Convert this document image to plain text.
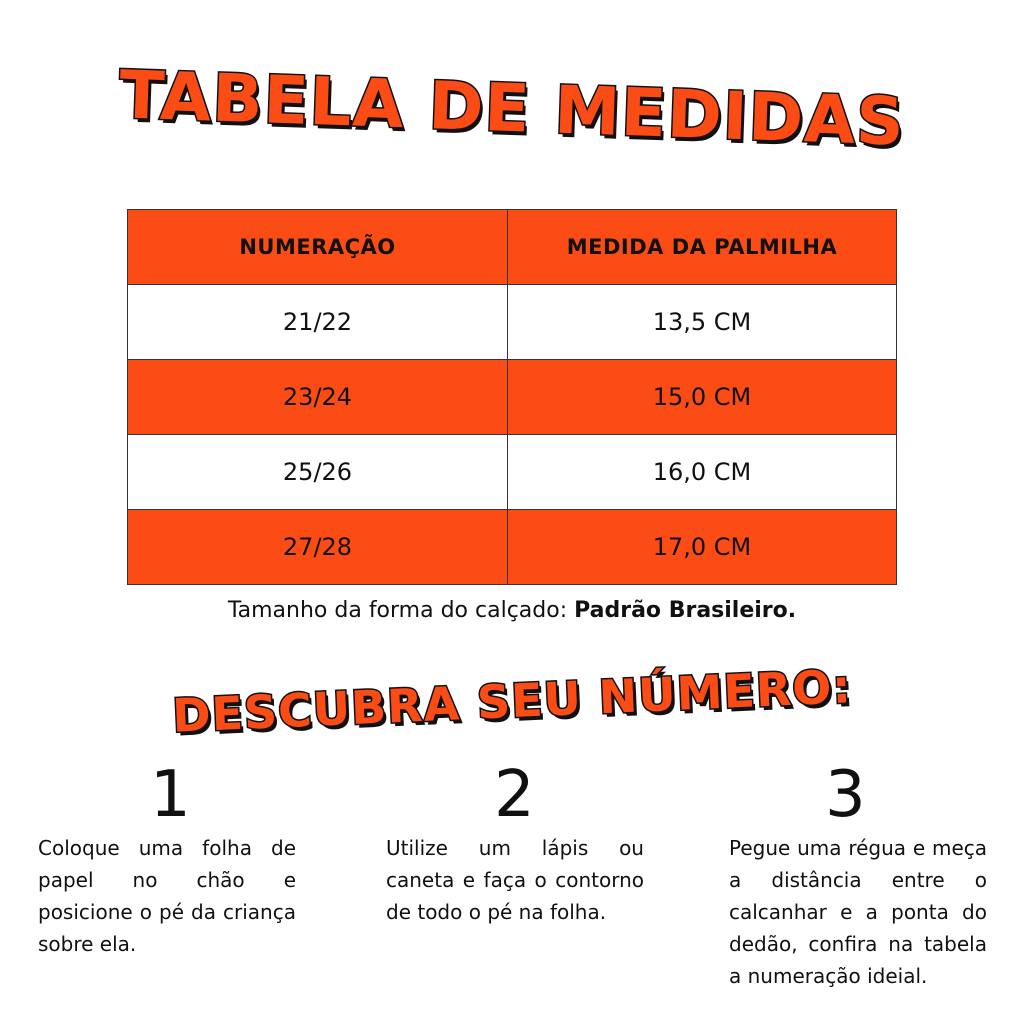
TABELA DE MEDIDAS
NUMERAÇÃO	MEDIDA DA PALMILHA
21/22	13,5 CM
23/24	15,0 CM
25/26	16,0 CM
27/28	17,0 CM
Tamanho da forma do calçado: Padrão Brasileiro.
DESCUBRA SEU NÚMERO:
1

Coloque uma folha de papel no chão e posicione o pé da criança sobre ela.

2

Utilize um lápis ou caneta e faça o contorno de todo o pé na folha.

3

Pegue uma régua e meça a distância entre o calcanhar e a ponta do dedão, confira na tabela a numeração ideial.
